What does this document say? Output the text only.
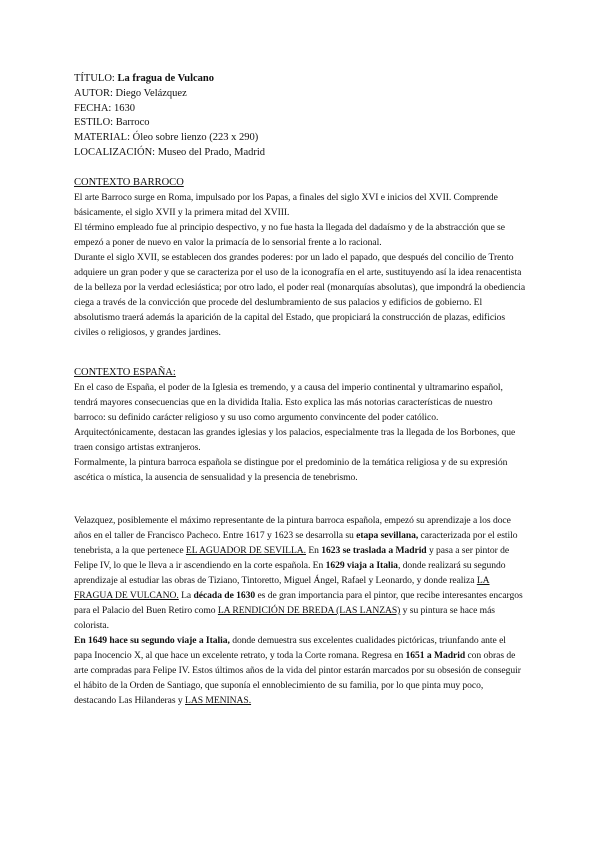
TÍTULO: La fragua de Vulcano
AUTOR: Diego Velázquez
FECHA: 1630
ESTILO: Barroco
MATERIAL: Óleo sobre lienzo (223 x 290)
LOCALIZACIÓN: Museo del Prado, Madrid

CONTEXTO BARROCO

El arte Barroco surge en Roma, impulsado por los Papas, a finales del siglo XVI e inicios del XVII. Comprende básicamente, el siglo XVII y la primera mitad del XVIII.

El término empleado fue al principio despectivo, y no fue hasta la llegada del dadaísmo y de la abstracción que se empezó a poner de nuevo en valor la primacía de lo sensorial frente a lo racional.

Durante el siglo XVII, se establecen dos grandes poderes: por un lado el papado, que después del concilio de Trento adquiere un gran poder y que se caracteriza por el uso de la iconografía en el arte, sustituyendo así la idea renacentista de la belleza por la verdad eclesiástica; por otro lado, el poder real (monarquías absolutas), que impondrá la obediencia ciega a través de la convicción que procede del deslumbramiento de sus palacios y edificios de gobierno. El absolutismo traerá además la aparición de la capital del Estado, que propiciará la construcción de plazas, edificios civiles o religiosos, y grandes jardines.

CONTEXTO ESPAÑA:

En el caso de España, el poder de la Iglesia es tremendo, y a causa del imperio continental y ultramarino español, tendrá mayores consecuencias que en la dividida Italia. Esto explica las más notorias características de nuestro barroco: su definido carácter religioso y su uso como argumento convincente del poder católico.

Arquitectónicamente, destacan las grandes iglesias y los palacios, especialmente tras la llegada de los Borbones, que traen consigo artistas extranjeros.

Formalmente, la pintura barroca española se distingue por el predominio de la temática religiosa y de su expresión ascética o mística, la ausencia de sensualidad y la presencia de tenebrismo.

Velazquez, posiblemente el máximo representante de la pintura barroca española, empezó su aprendizaje a los doce años en el taller de Francisco Pacheco. Entre 1617 y 1623 se desarrolla su etapa sevillana, caracterizada por el estilo tenebrista, a la que pertenece EL AGUADOR DE SEVILLA. En 1623 se traslada a Madrid y pasa a ser pintor de Felipe IV, lo que le lleva a ir ascendiendo en la corte española. En 1629 viaja a Italia, donde realizará su segundo aprendizaje al estudiar las obras de Tiziano, Tintoretto, Miguel Ángel, Rafael y Leonardo, y donde realiza LA FRAGUA DE VULCANO. La década de 1630 es de gran importancia para el pintor, que recibe interesantes encargos para el Palacio del Buen Retiro como LA RENDICIÓN DE BREDA (LAS LANZAS) y su pintura se hace más colorista.

En 1649 hace su segundo viaje a Italia, donde demuestra sus excelentes cualidades pictóricas, triunfando ante el papa Inocencio X, al que hace un excelente retrato, y toda la Corte romana. Regresa en 1651 a Madrid con obras de arte compradas para Felipe IV. Estos últimos años de la vida del pintor estarán marcados por su obsesión de conseguir el hábito de la Orden de Santiago, que suponía el ennoblecimiento de su familia, por lo que pinta muy poco, destacando Las Hilanderas y LAS MENINAS.
